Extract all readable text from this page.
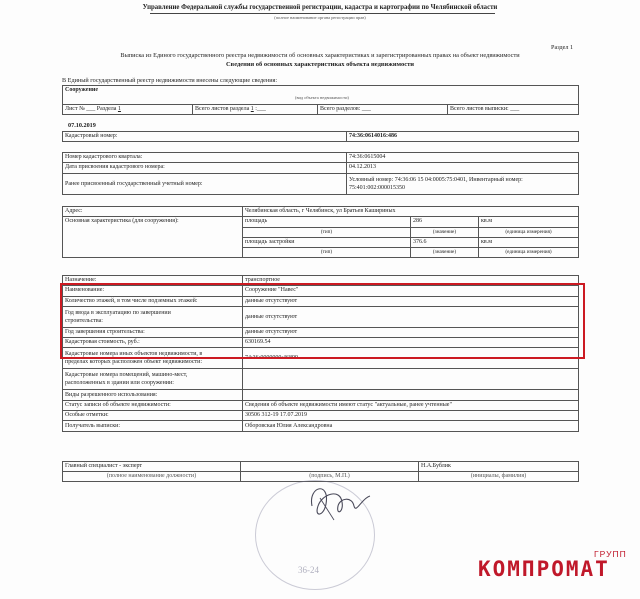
Управление Федеральной службы государственной регистрации, кадастра и картографии по Челябинской области
(полное наименование органа регистрации прав)
Раздел 1
Выписка из Единого государственного реестра недвижимости об основных характеристиках и зарегистрированных правах на объект недвижимости
Сведения об основных характеристиках объекта недвижимости
В Единый государственный реестр недвижимости внесены следующие сведения:
Сооружение
(вид объекта недвижимости)
Лист № ___ Раздела 1	Всего листов раздела 1 :___	Всего разделов: ___	Всего листов выписки: ___
07.10.2019
Кадастровый номер:	74:36:0614016:486
Номер кадастрового квартала:	74:36:0615004
Дата присвоения кадастрового номера:	04.12.2013
Ранее присвоенный государственный учетный номер:	Условный номер: 74:36:06 15 04:0005:75:0401, Инвентарный номер:
75:401:002:000015350
Адрес:	Челябинская область, г Челябинск, ул Братьев Кашириных		
Основная характеристика (для сооружения):	площадь	286	кв.м
	(тип)	(значение)	(единица измерения)
	площадь застройки	376.6	кв.м
	(тип)	(значение)	(единица измерения)
Назначение:	транспортное
Наименование:	Сооружение "Навес"
Количество этажей, в том числе подземных этажей:	данные отсутствуют
Год ввода в эксплуатацию по завершении
строительства:	данные отсутствуют
Год завершения строительства:	данные отсутствуют
Кадастровая стоимость, руб.:	630169.54
Кадастровые номера иных объектов недвижимости, в
пределах которых расположен объект недвижимости:	74:36:0000000:46899
Кадастровые номера помещений, машино-мест,
расположенных в здании или сооружении:	
Виды разрешенного использования:	
Статус записи об объекте недвижимости:	Сведения об объекте недвижимости имеют статус "актуальные, ранее учтенные"
Особые отметки:	30506 312-19 17.07.2019
Получатель выписки:	Оборовская Юлия Александровна
Главный специалист - эксперт		Н.А.Бублик
(полное наименование должности)	(подпись, М.П.)	(инициалы, фамилия)
36-24
ГРУПП
КОМПРОМАТ
